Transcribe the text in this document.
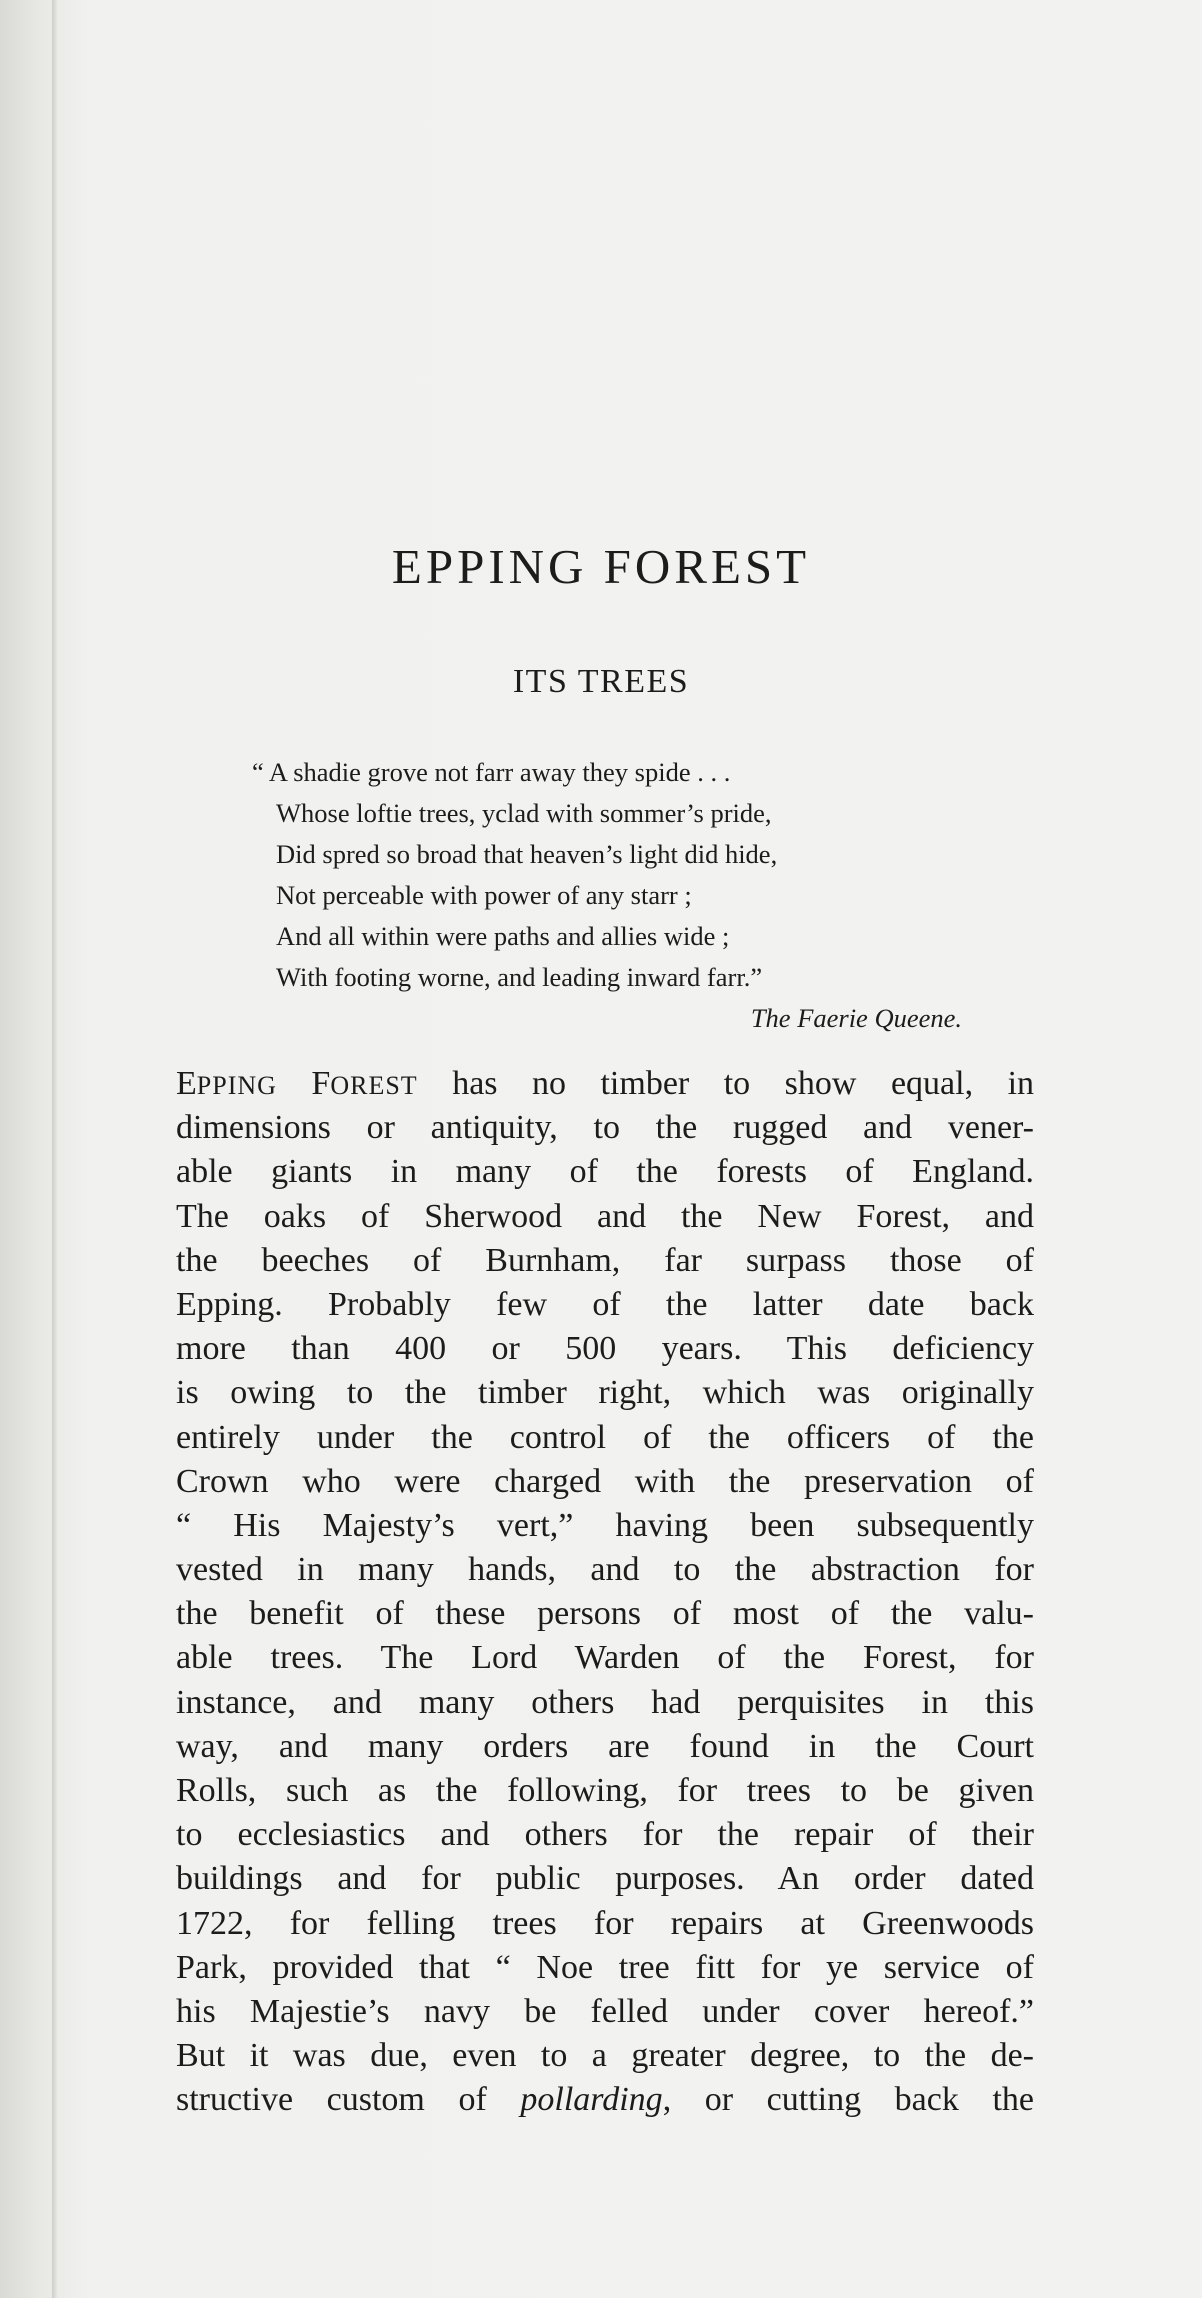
EPPING FOREST
ITS TREES
“ A shadie grove not farr away they spide . . .
Whose loftie trees, yclad with sommer’s pride,
Did spred so broad that heaven’s light did hide,
Not perceable with power of any starr ;
And all within were paths and allies wide ;
With footing worne, and leading inward farr.”
The Faerie Queene.
EPPING FOREST has no timber to show equal, in
dimensions or antiquity, to the rugged and vener-
able giants in many of the forests of England.
The oaks of Sherwood and the New Forest, and
the beeches of Burnham, far surpass those of
Epping. Probably few of the latter date back
more than 400 or 500 years. This deficiency
is owing to the timber right, which was originally
entirely under the control of the officers of the
Crown who were charged with the preservation of
“ His Majesty’s vert,” having been subsequently
vested in many hands, and to the abstraction for
the benefit of these persons of most of the valu-
able trees. The Lord Warden of the Forest, for
instance, and many others had perquisites in this
way, and many orders are found in the Court
Rolls, such as the following, for trees to be given
to ecclesiastics and others for the repair of their
buildings and for public purposes. An order dated
1722, for felling trees for repairs at Greenwoods
Park, provided that “ Noe tree fitt for ye service of
his Majestie’s navy be felled under cover hereof.”
But it was due, even to a greater degree, to the de-
structive custom of pollarding, or cutting back the
